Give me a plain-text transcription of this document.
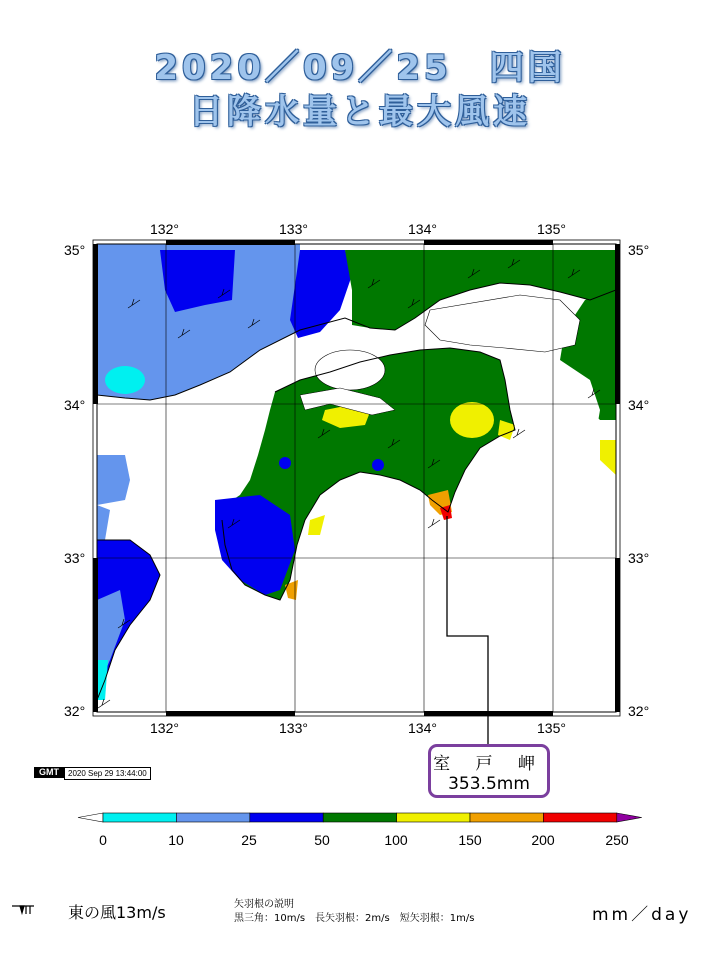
2020／09／25　四国
日降水量と最大風速
132°	133°	134°	135°
132°	133°	134°	135°
35°
34°
33°
32°
35°
34°
33°
32°
GMT	2020 Sep 29 13:44:00	室 戸 岬
353.5mm
0	10	25	50	100	150	200	250
東の風13m/s	矢羽根の説明
黒三角：10m/s　長矢羽根：2m/s　短矢羽根：1m/s	mm／day
